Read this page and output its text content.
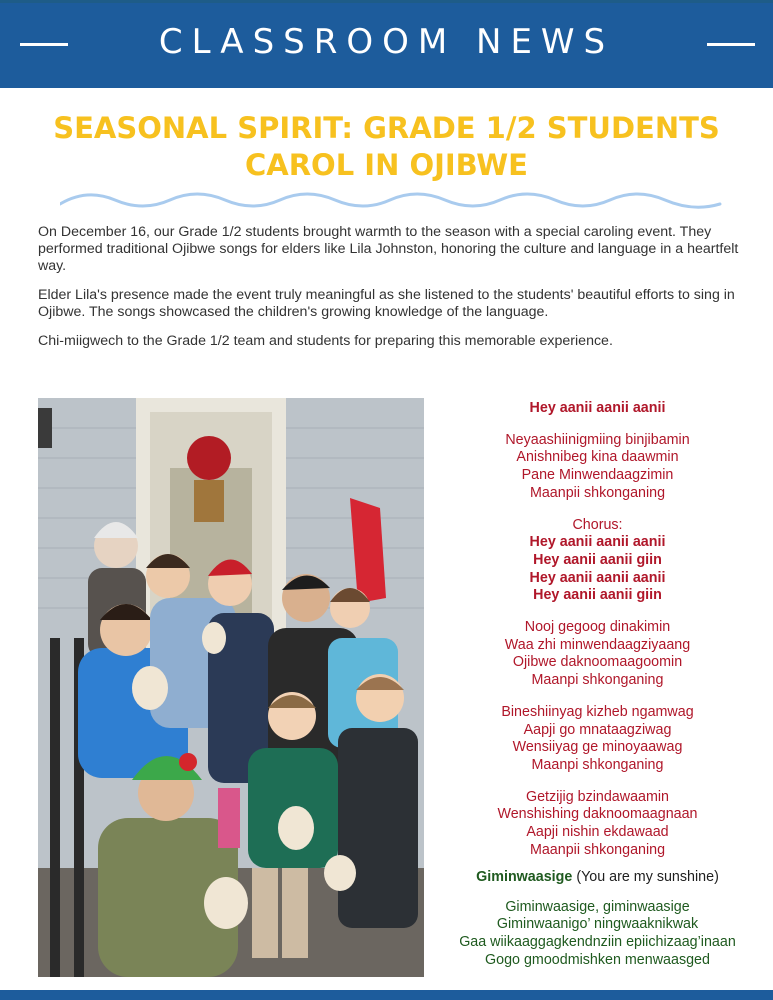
CLASSROOM NEWS
SEASONAL SPIRIT: GRADE 1/2 STUDENTS
CAROL IN OJIBWE

On December 16, our Grade 1/2 students brought warmth to the season with a special caroling event. They performed traditional Ojibwe songs for elders like Lila Johnston, honoring the culture and language in a heartfelt way.

Elder Lila's presence made the event truly meaningful as she listened to the students' beautiful efforts to sing in Ojibwe. The songs showcased the children's growing knowledge of the language.

Chi-miigwech to the Grade 1/2 team and students for preparing this memorable experience.

Hey aanii aanii aanii
Neyaashiinigmiing binjibamin
Anishnibeg kina daawmin
Pane Minwendaagzimin
Maanpii shkonganing
Chorus:
Hey aanii aanii aanii
Hey aanii aanii giin
Hey aanii aanii aanii
Hey aanii aanii giin
Nooj gegoog dinakimin
Waa zhi minwendaagziyaang
Ojibwe daknoomaagoomin
Maanpi shkonganing
Bineshiinyag kizheb ngamwag
Aapji go mnataagziwag
Wensiiyag ge minoyaawag
Maanpi shkonganing
Getzijig bzindawaamin
Wenshishing daknoomaagnaan
Aapji nishin ekdawaad
Maanpii shkonganing
Giminwaasige (You are my sunshine)
Giminwaasige, giminwaasige
Giminwaanigo’ ningwaaknikwak
Gaa wiikaaggagkendnziin epiichizaag’inaan
Gogo gmoodmishken menwaasged
